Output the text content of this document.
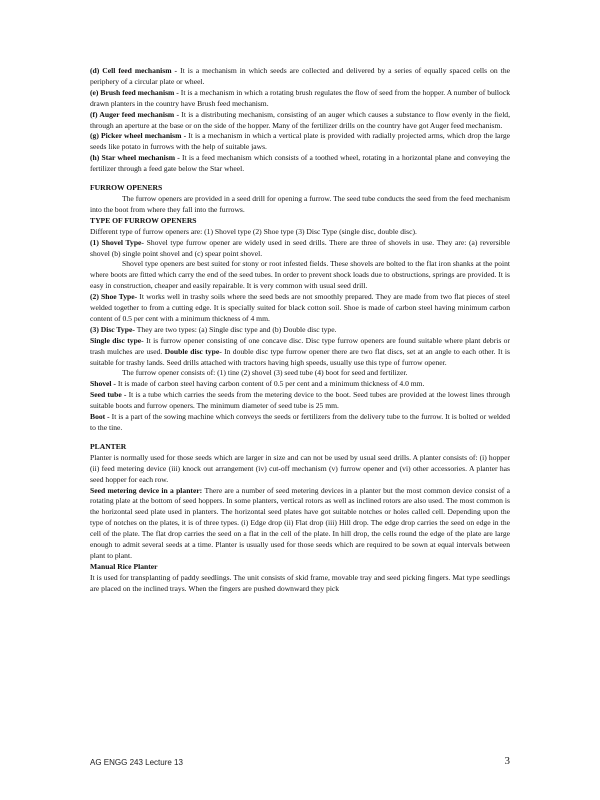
(d) Cell feed mechanism - It is a mechanism in which seeds are collected and delivered by a series of equally spaced cells on the periphery of a circular plate or wheel.

(e) Brush feed mechanism - It is a mechanism in which a rotating brush regulates the flow of seed from the hopper. A number of bullock drawn planters in the country have Brush feed mechanism.

(f) Auger feed mechanism - It is a distributing mechanism, consisting of an auger which causes a substance to flow evenly in the field, through an aperture at the base or on the side of the hopper. Many of the fertilizer drills on the country have got Auger feed mechanism.

(g) Picker wheel mechanism - It is a mechanism in which a vertical plate is provided with radially projected arms, which drop the large seeds like potato in furrows with the help of suitable jaws.

(h) Star wheel mechanism - It is a feed mechanism which consists of a toothed wheel, rotating in a horizontal plane and conveying the fertilizer through a feed gate below the Star wheel.

FURROW OPENERS

The furrow openers are provided in a seed drill for opening a furrow. The seed tube conducts the seed from the feed mechanism into the boot from where they fall into the furrows.

TYPE OF FURROW OPENERS

Different type of furrow openers are: (1) Shovel type (2) Shoe type (3) Disc Type (single disc, double disc).

(1) Shovel Type- Shovel type furrow opener are widely used in seed drills. There are three of shovels in use. They are: (a) reversible shovel (b) single point shovel and (c) spear point shovel.

Shovel type openers are best suited for stony or root infested fields. These shovels are bolted to the flat iron shanks at the point where boots are fitted which carry the end of the seed tubes. In order to prevent shock loads due to obstructions, springs are provided. It is easy in construction, cheaper and easily repairable. It is very common with usual seed drill.

(2) Shoe Type- It works well in trashy soils where the seed beds are not smoothly prepared. They are made from two flat pieces of steel welded together to from a cutting edge. It is specially suited for black cotton soil. Shoe is made of carbon steel having minimum carbon content of 0.5 per cent with a minimum thickness of 4 mm.

(3) Disc Type- They are two types: (a) Single disc type and (b) Double disc type.

Single disc type- It is furrow opener consisting of one concave disc. Disc type furrow openers are found suitable where plant debris or trash mulches are used. Double disc type- In double disc type furrow opener there are two flat discs, set at an angle to each other. It is suitable for trashy lands. Seed drills attached with tractors having high speeds, usually use this type of furrow opener.

The furrow opener consists of: (1) tine (2) shovel (3) seed tube (4) boot for seed and fertilizer.

Shovel - It is made of carbon steel having carbon content of 0.5 per cent and a minimum thickness of 4.0 mm.

Seed tube - It is a tube which carries the seeds from the metering device to the boot. Seed tubes are provided at the lowest lines through suitable boots and furrow openers. The minimum diameter of seed tube is 25 mm.

Boot - It is a part of the sowing machine which conveys the seeds or fertilizers from the delivery tube to the furrow. It is bolted or welded to the tine.

PLANTER

Planter is normally used for those seeds which are larger in size and can not be used by usual seed drills. A planter consists of: (i) hopper (ii) feed metering device (iii) knock out arrangement (iv) cut-off mechanism (v) furrow opener and (vi) other accessories. A planter has seed hopper for each row.

Seed metering device in a planter: There are a number of seed metering devices in a planter but the most common device consist of a rotating plate at the bottom of seed hoppers. In some planters, vertical rotors as well as inclined rotors are also used. The most common is the horizontal seed plate used in planters. The horizontal seed plates have got suitable notches or holes called cell. Depending upon the type of notches on the plates, it is of three types. (i) Edge drop (ii) Flat drop (iii) Hill drop. The edge drop carries the seed on edge in the cell of the plate. The flat drop carries the seed on a flat in the cell of the plate. In hill drop, the cells round the edge of the plate are large enough to admit several seeds at a time. Planter is usually used for those seeds which are required to be sown at equal intervals between plant to plant.

Manual Rice Planter

It is used for transplanting of paddy seedlings. The unit consists of skid frame, movable tray and seed picking fingers. Mat type seedlings are placed on the inclined trays. When the fingers are pushed downward they pick

AG ENGG 243 Lecture 13	3
